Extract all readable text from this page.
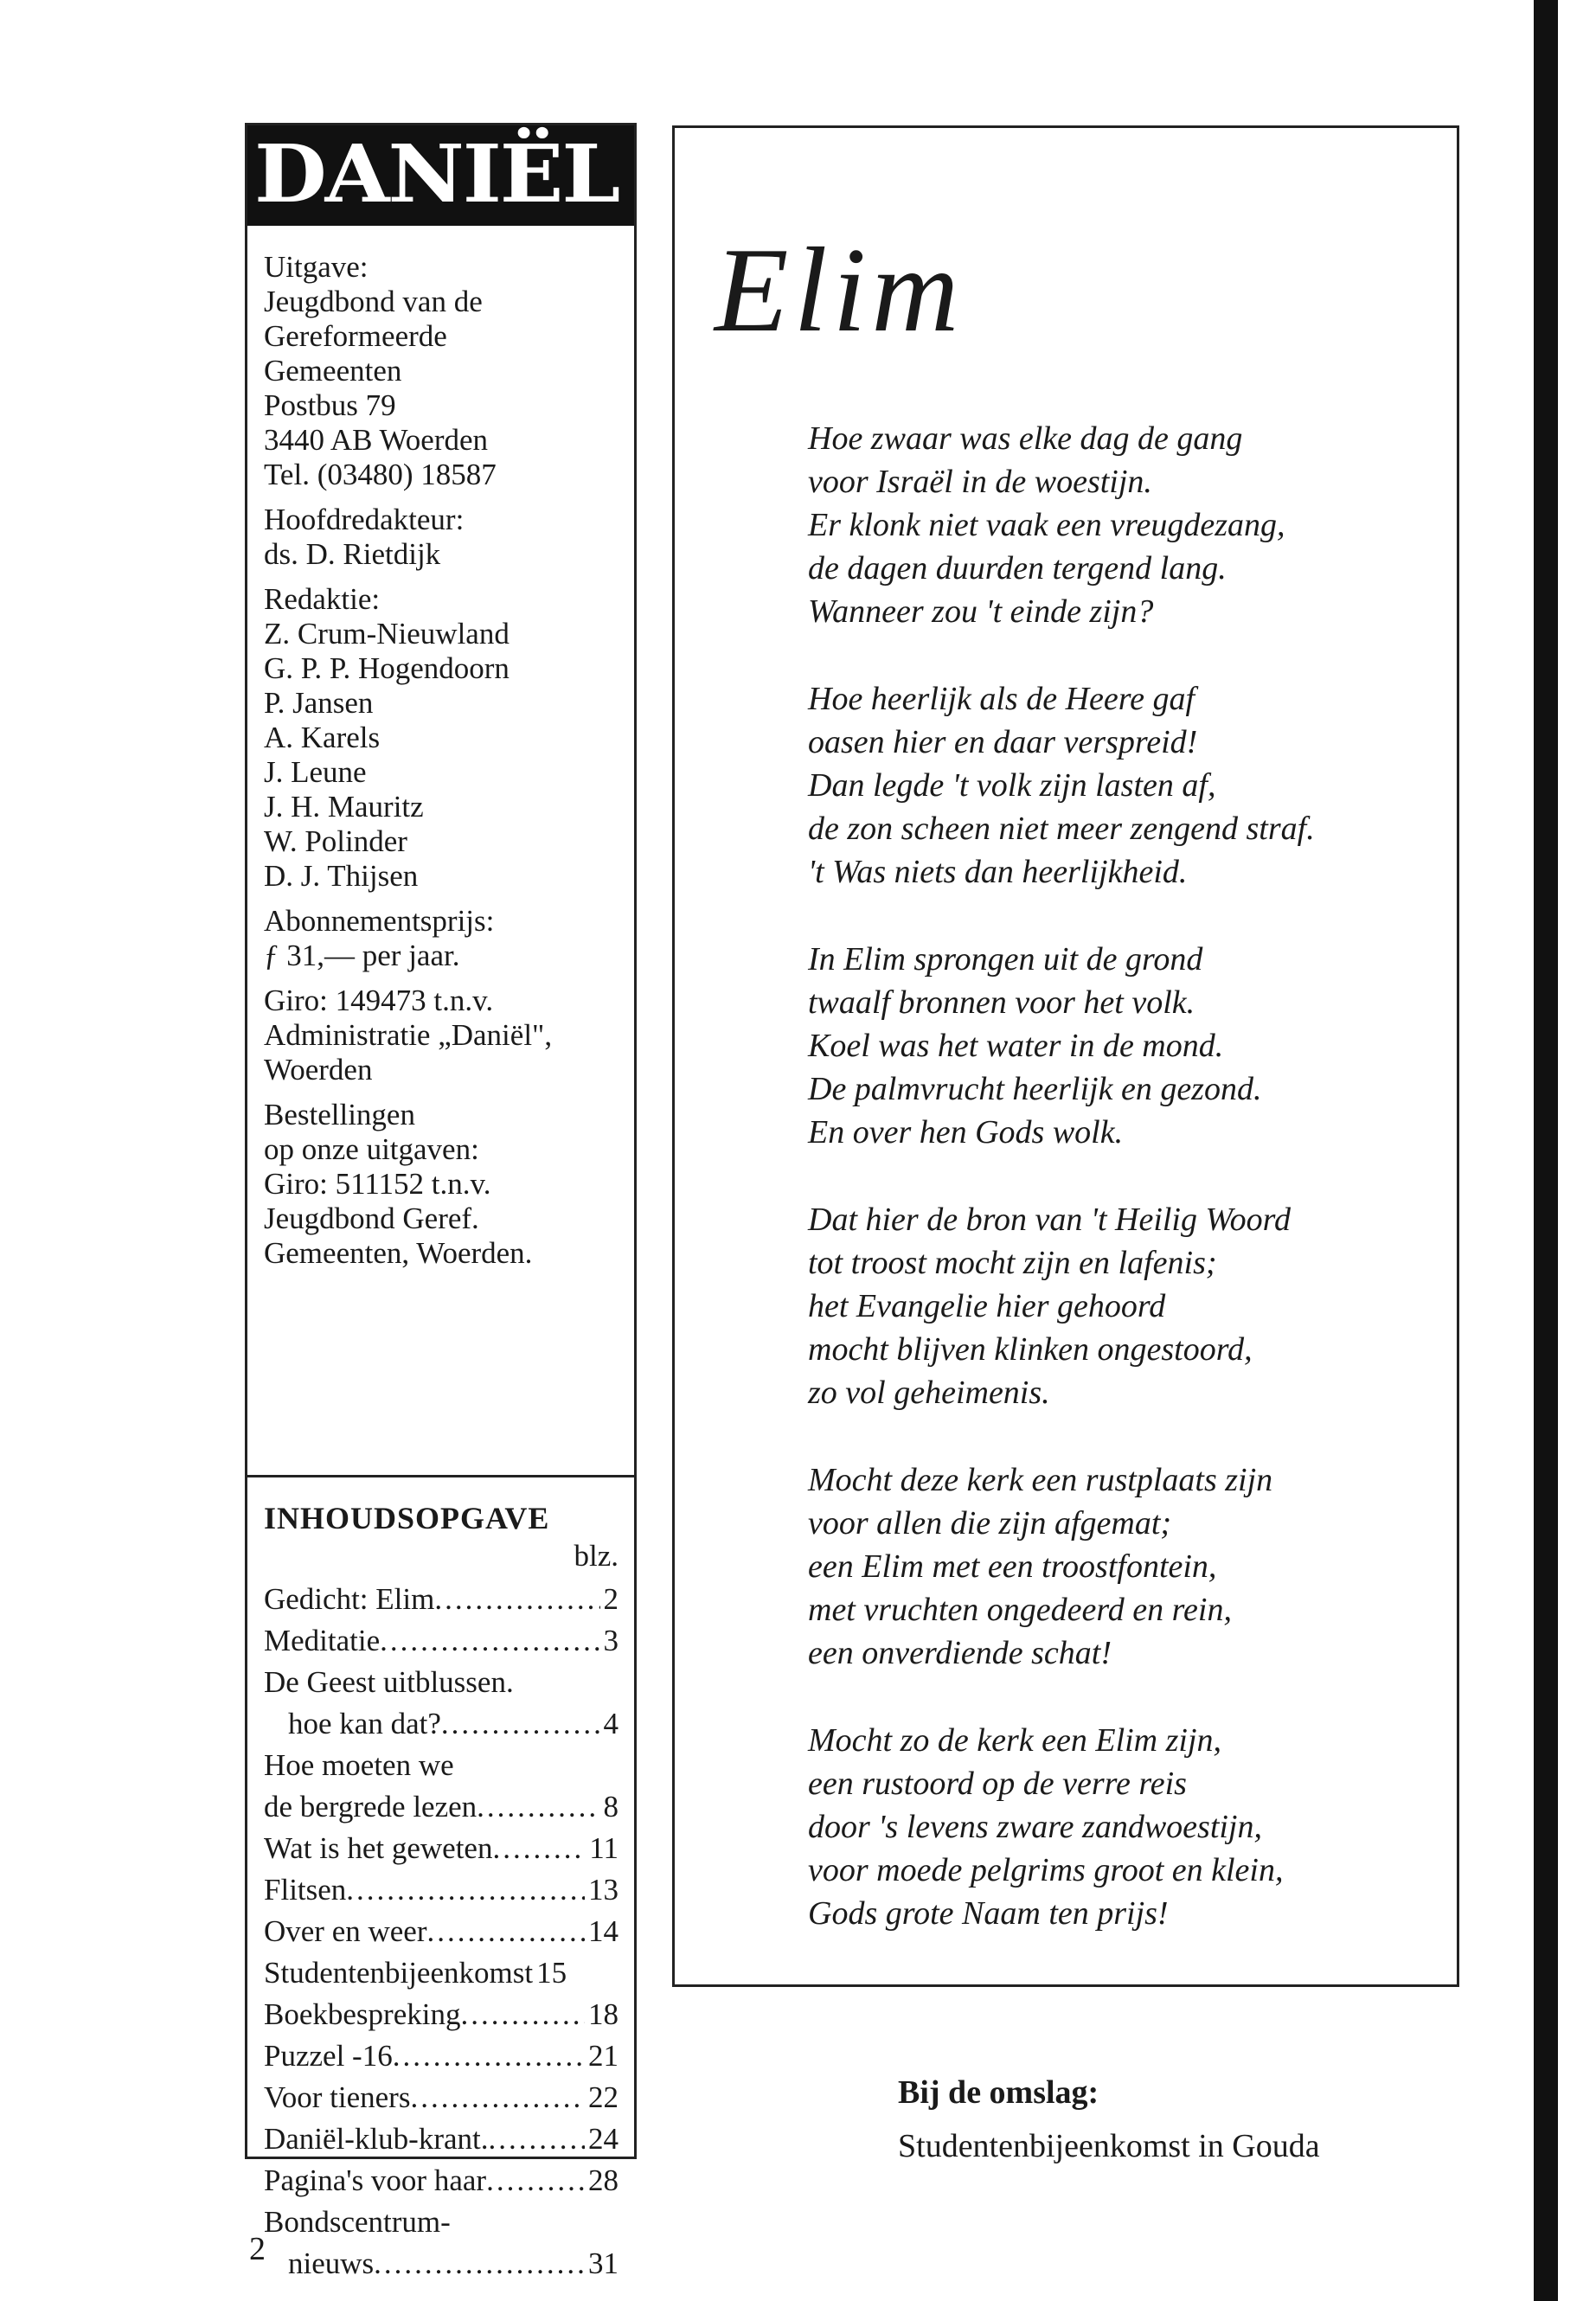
DANIËL

Uitgave:
Jeugdbond van de
Gereformeerde
Gemeenten
Postbus 79
3440 AB Woerden
Tel. (03480) 18587

Hoofdredakteur:
ds. D. Rietdijk

Redaktie:
Z. Crum-Nieuwland
G. P. P. Hogendoorn
P. Jansen
A. Karels
J. Leune
J. H. Mauritz
W. Polinder
D. J. Thijsen

Abonnementsprijs:
ƒ 31,— per jaar.

Giro: 149473 t.n.v.
Administratie „Daniël",
Woerden

Bestellingen
op onze uitgaven:
Giro: 511152 t.n.v.
Jeugdbond Geref.
Gemeenten, Woerden.

INHOUDSOPGAVE

blz.

Gedicht: Elim .....	2
Meditatie .....	3
De Geest uitblussen.
hoe kan dat? .....	4
Hoe moeten we
de bergrede lezen .....	8
Wat is het geweten .....	11
Flitsen .....	13
Over en weer .....	14
Studentenbijeenkomst 15
Boekbespreking .....	18
Puzzel -16 .....	21
Voor tieners .....	22
Daniël-klub-krant. .....	24
Pagina's voor haar .....	28
Bondscentrum-
nieuws .....	31
2
Elim
Hoe zwaar was elke dag de gang
voor Israël in de woestijn.
Er klonk niet vaak een vreugdezang,
de dagen duurden tergend lang.
Wanneer zou 't einde zijn?
Hoe heerlijk als de Heere gaf
oasen hier en daar verspreid!
Dan legde 't volk zijn lasten af,
de zon scheen niet meer zengend straf.
't Was niets dan heerlijkheid.
In Elim sprongen uit de grond
twaalf bronnen voor het volk.
Koel was het water in de mond.
De palmvrucht heerlijk en gezond.
En over hen Gods wolk.
Dat hier de bron van 't Heilig Woord
tot troost mocht zijn en lafenis;
het Evangelie hier gehoord
mocht blijven klinken ongestoord,
zo vol geheimenis.
Mocht deze kerk een rustplaats zijn
voor allen die zijn afgemat;
een Elim met een troostfontein,
met vruchten ongedeerd en rein,
een onverdiende schat!
Mocht zo de kerk een Elim zijn,
een rustoord op de verre reis
door 's levens zware zandwoestijn,
voor moede pelgrims groot en klein,
Gods grote Naam ten prijs!
Bij de omslag:
Studentenbijeenkomst in Gouda
